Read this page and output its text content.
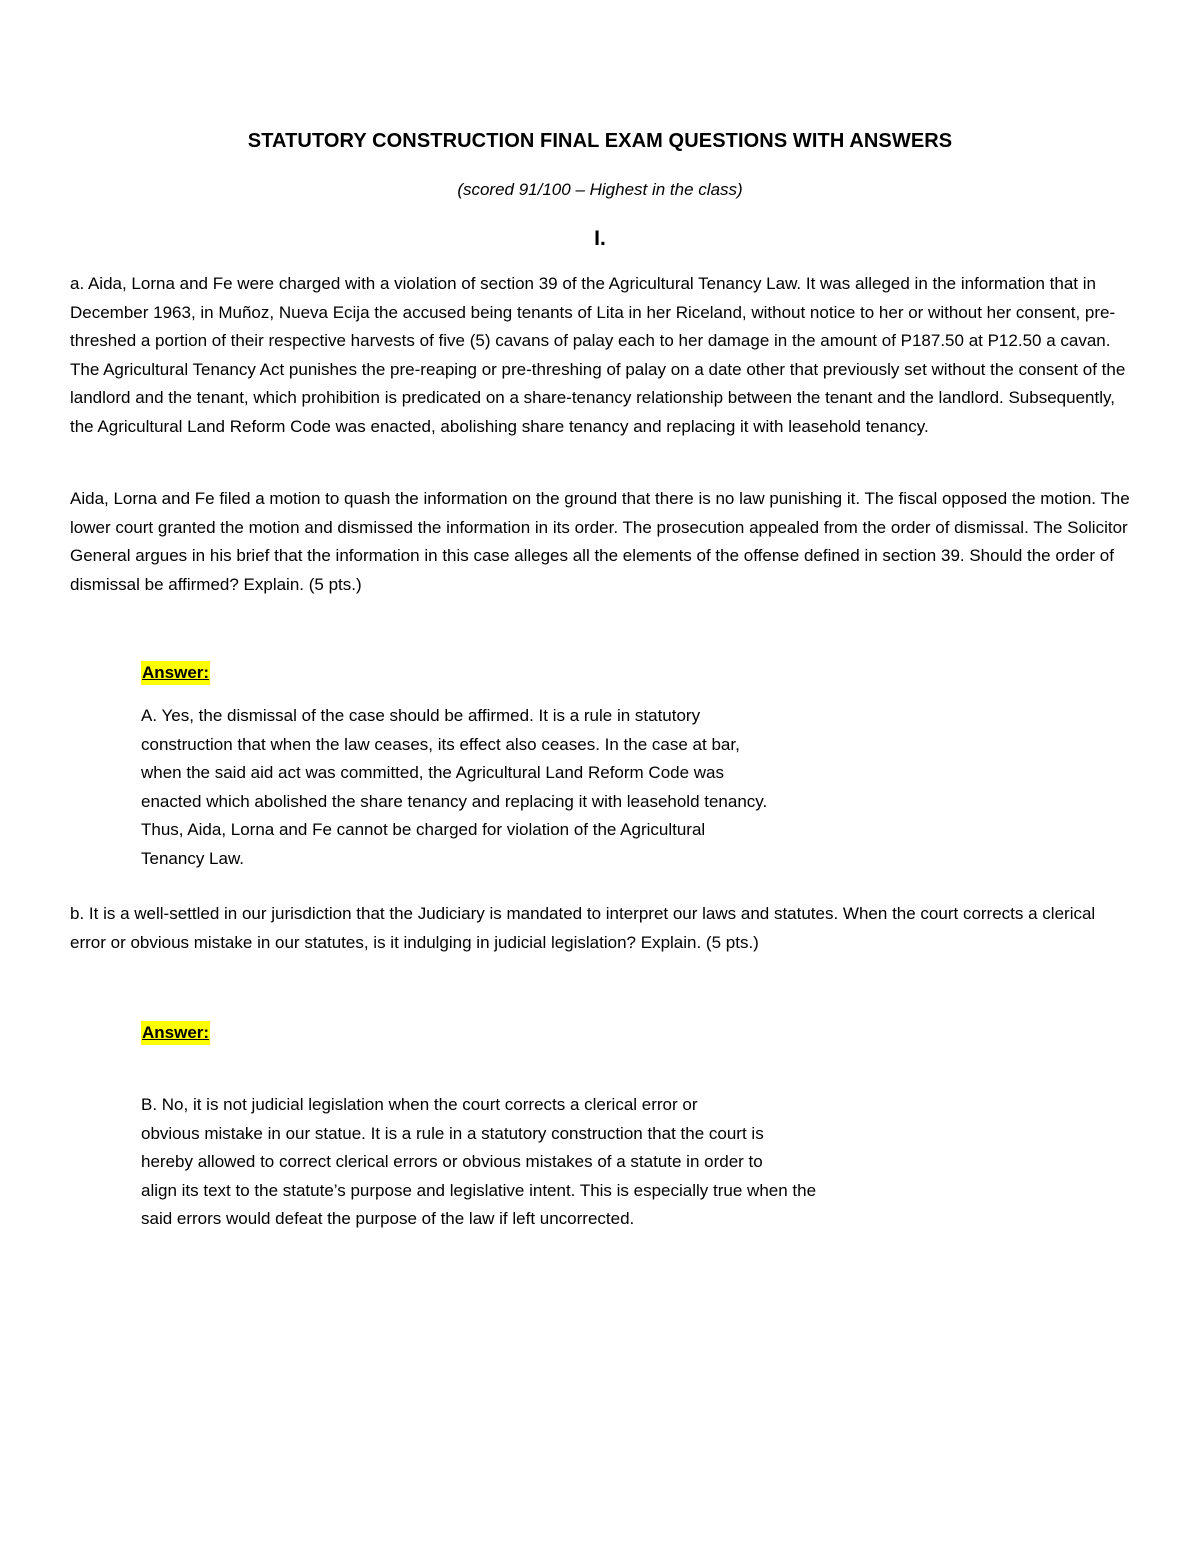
STATUTORY CONSTRUCTION FINAL EXAM QUESTIONS WITH ANSWERS
(scored 91/100 – Highest in the class)
I.

a. Aida, Lorna and Fe were charged with a violation of section 39 of the Agricultural Tenancy Law. It was alleged in the information that in December 1963, in Muñoz, Nueva Ecija the accused being tenants of Lita in her Riceland, without notice to her or without her consent, pre-threshed a portion of their respective harvests of five (5) cavans of palay each to her damage in the amount of P187.50 at P12.50 a cavan. The Agricultural Tenancy Act punishes the pre-reaping or pre-threshing of palay on a date other that previously set without the consent of the landlord and the tenant, which prohibition is predicated on a share-tenancy relationship between the tenant and the landlord. Subsequently, the Agricultural Land Reform Code was enacted, abolishing share tenancy and replacing it with leasehold tenancy.

Aida, Lorna and Fe filed a motion to quash the information on the ground that there is no law punishing it. The fiscal opposed the motion. The lower court granted the motion and dismissed the information in its order. The prosecution appealed from the order of dismissal. The Solicitor General argues in his brief that the information in this case alleges all the elements of the offense defined in section 39. Should the order of dismissal be affirmed? Explain. (5 pts.)

Answer:
A. Yes, the dismissal of the case should be affirmed. It is a rule in statutory
construction that when the law ceases, its effect also ceases. In the case at bar,
when the said aid act was committed, the Agricultural Land Reform Code was
enacted which abolished the share tenancy and replacing it with leasehold tenancy.
Thus, Aida, Lorna and Fe cannot be charged for violation of the Agricultural
Tenancy Law.

b. It is a well-settled in our jurisdiction that the Judiciary is mandated to interpret our laws and statutes. When the court corrects a clerical error or obvious mistake in our statutes, is it indulging in judicial legislation? Explain. (5 pts.)

Answer:
B. No, it is not judicial legislation when the court corrects a clerical error or
obvious mistake in our statue. It is a rule in a statutory construction that the court is
hereby allowed to correct clerical errors or obvious mistakes of a statute in order to
align its text to the statute’s purpose and legislative intent. This is especially true when the
said errors would defeat the purpose of the law if left uncorrected.
